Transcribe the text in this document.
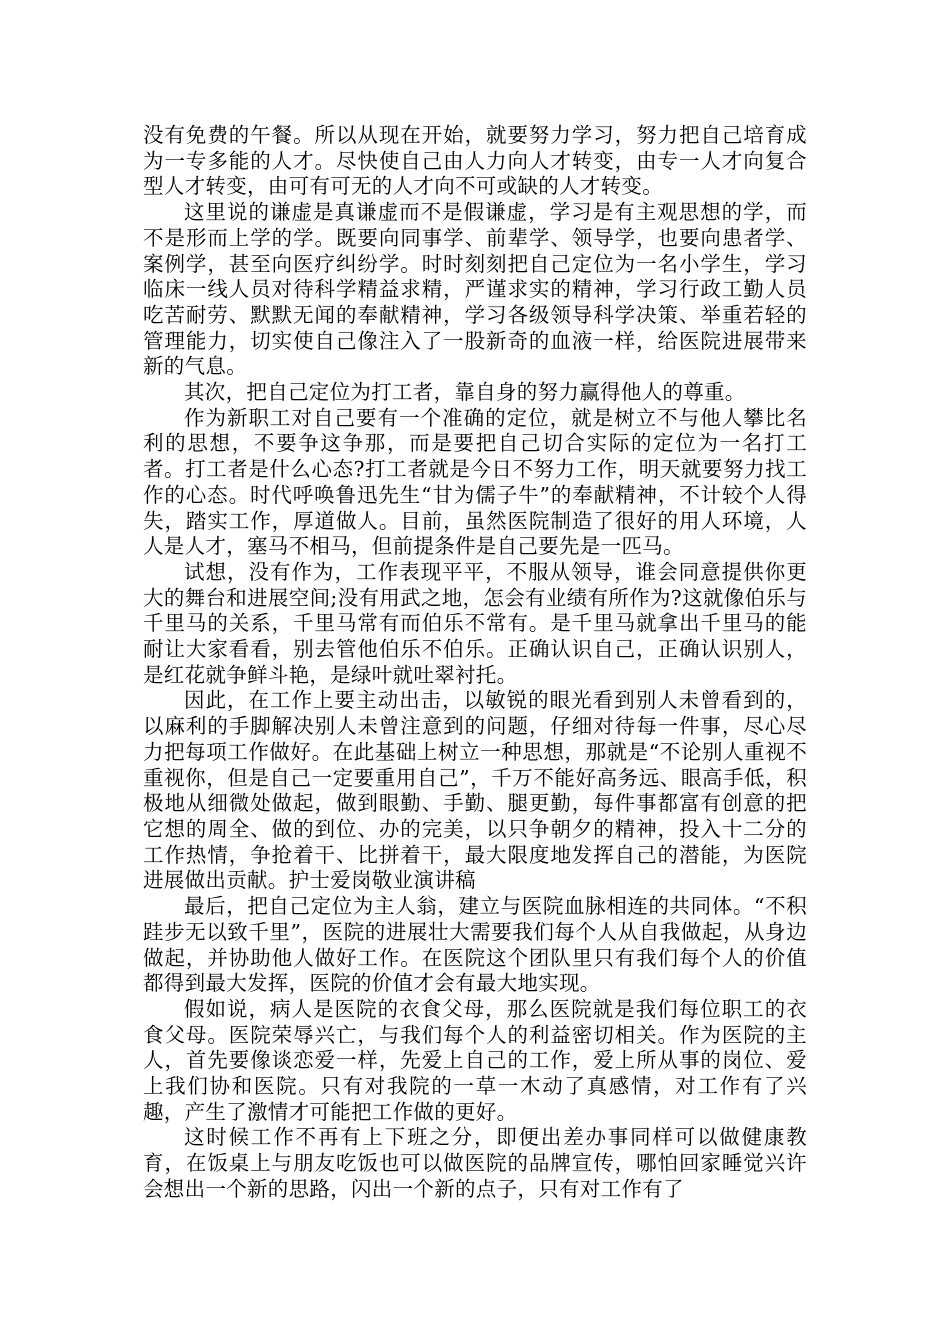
没有免费的午餐。所以从现在开始，就要努力学习，努力把自己培育成为一专多能的人才。尽快使自己由人力向人才转变，由专一人才向复合型人才转变，由可有可无的人才向不可或缺的人才转变。

这里说的谦虚是真谦虚而不是假谦虚，学习是有主观思想的学，而不是形而上学的学。既要向同事学、前辈学、领导学，也要向患者学、案例学，甚至向医疗纠纷学。时时刻刻把自己定位为一名小学生，学习临床一线人员对待科学精益求精，严谨求实的精神，学习行政工勤人员吃苦耐劳、默默无闻的奉献精神，学习各级领导科学决策、举重若轻的管理能力，切实使自己像注入了一股新奇的血液一样，给医院进展带来新的气息。

其次，把自己定位为打工者，靠自身的努力赢得他人的尊重。

作为新职工对自己要有一个准确的定位，就是树立不与他人攀比名利的思想，不要争这争那，而是要把自己切合实际的定位为一名打工者。打工者是什么心态?打工者就是今日不努力工作，明天就要努力找工作的心态。时代呼唤鲁迅先生“甘为儒子牛”的奉献精神，不计较个人得失，踏实工作，厚道做人。目前，虽然医院制造了很好的用人环境，人人是人才，塞马不相马，但前提条件是自己要先是一匹马。

试想，没有作为，工作表现平平，不服从领导，谁会同意提供你更大的舞台和进展空间;没有用武之地，怎会有业绩有所作为?这就像伯乐与千里马的关系，千里马常有而伯乐不常有。是千里马就拿出千里马的能耐让大家看看，别去管他伯乐不伯乐。正确认识自己，正确认识别人，是红花就争鲜斗艳，是绿叶就吐翠衬托。

因此，在工作上要主动出击，以敏锐的眼光看到别人未曾看到的，以麻利的手脚解决别人未曾注意到的问题，仔细对待每一件事，尽心尽力把每项工作做好。在此基础上树立一种思想，那就是“不论别人重视不重视你，但是自己一定要重用自己”，千万不能好高务远、眼高手低，积极地从细微处做起，做到眼勤、手勤、腿更勤，每件事都富有创意的把它想的周全、做的到位、办的完美，以只争朝夕的精神，投入十二分的工作热情，争抢着干、比拼着干，最大限度地发挥自己的潜能，为医院进展做出贡献。护士爱岗敬业演讲稿

最后，把自己定位为主人翁，建立与医院血脉相连的共同体。“不积跬步无以致千里”，医院的进展壮大需要我们每个人从自我做起，从身边做起，并协助他人做好工作。在医院这个团队里只有我们每个人的价值都得到最大发挥，医院的价值才会有最大地实现。

假如说，病人是医院的衣食父母，那么医院就是我们每位职工的衣食父母。医院荣辱兴亡，与我们每个人的利益密切相关。作为医院的主人，首先要像谈恋爱一样，先爱上自己的工作，爱上所从事的岗位、爱上我们协和医院。只有对我院的一草一木动了真感情，对工作有了兴趣，产生了激情才可能把工作做的更好。

这时候工作不再有上下班之分，即便出差办事同样可以做健康教育，在饭桌上与朋友吃饭也可以做医院的品牌宣传，哪怕回家睡觉兴许会想出一个新的思路，闪出一个新的点子，只有对工作有了
